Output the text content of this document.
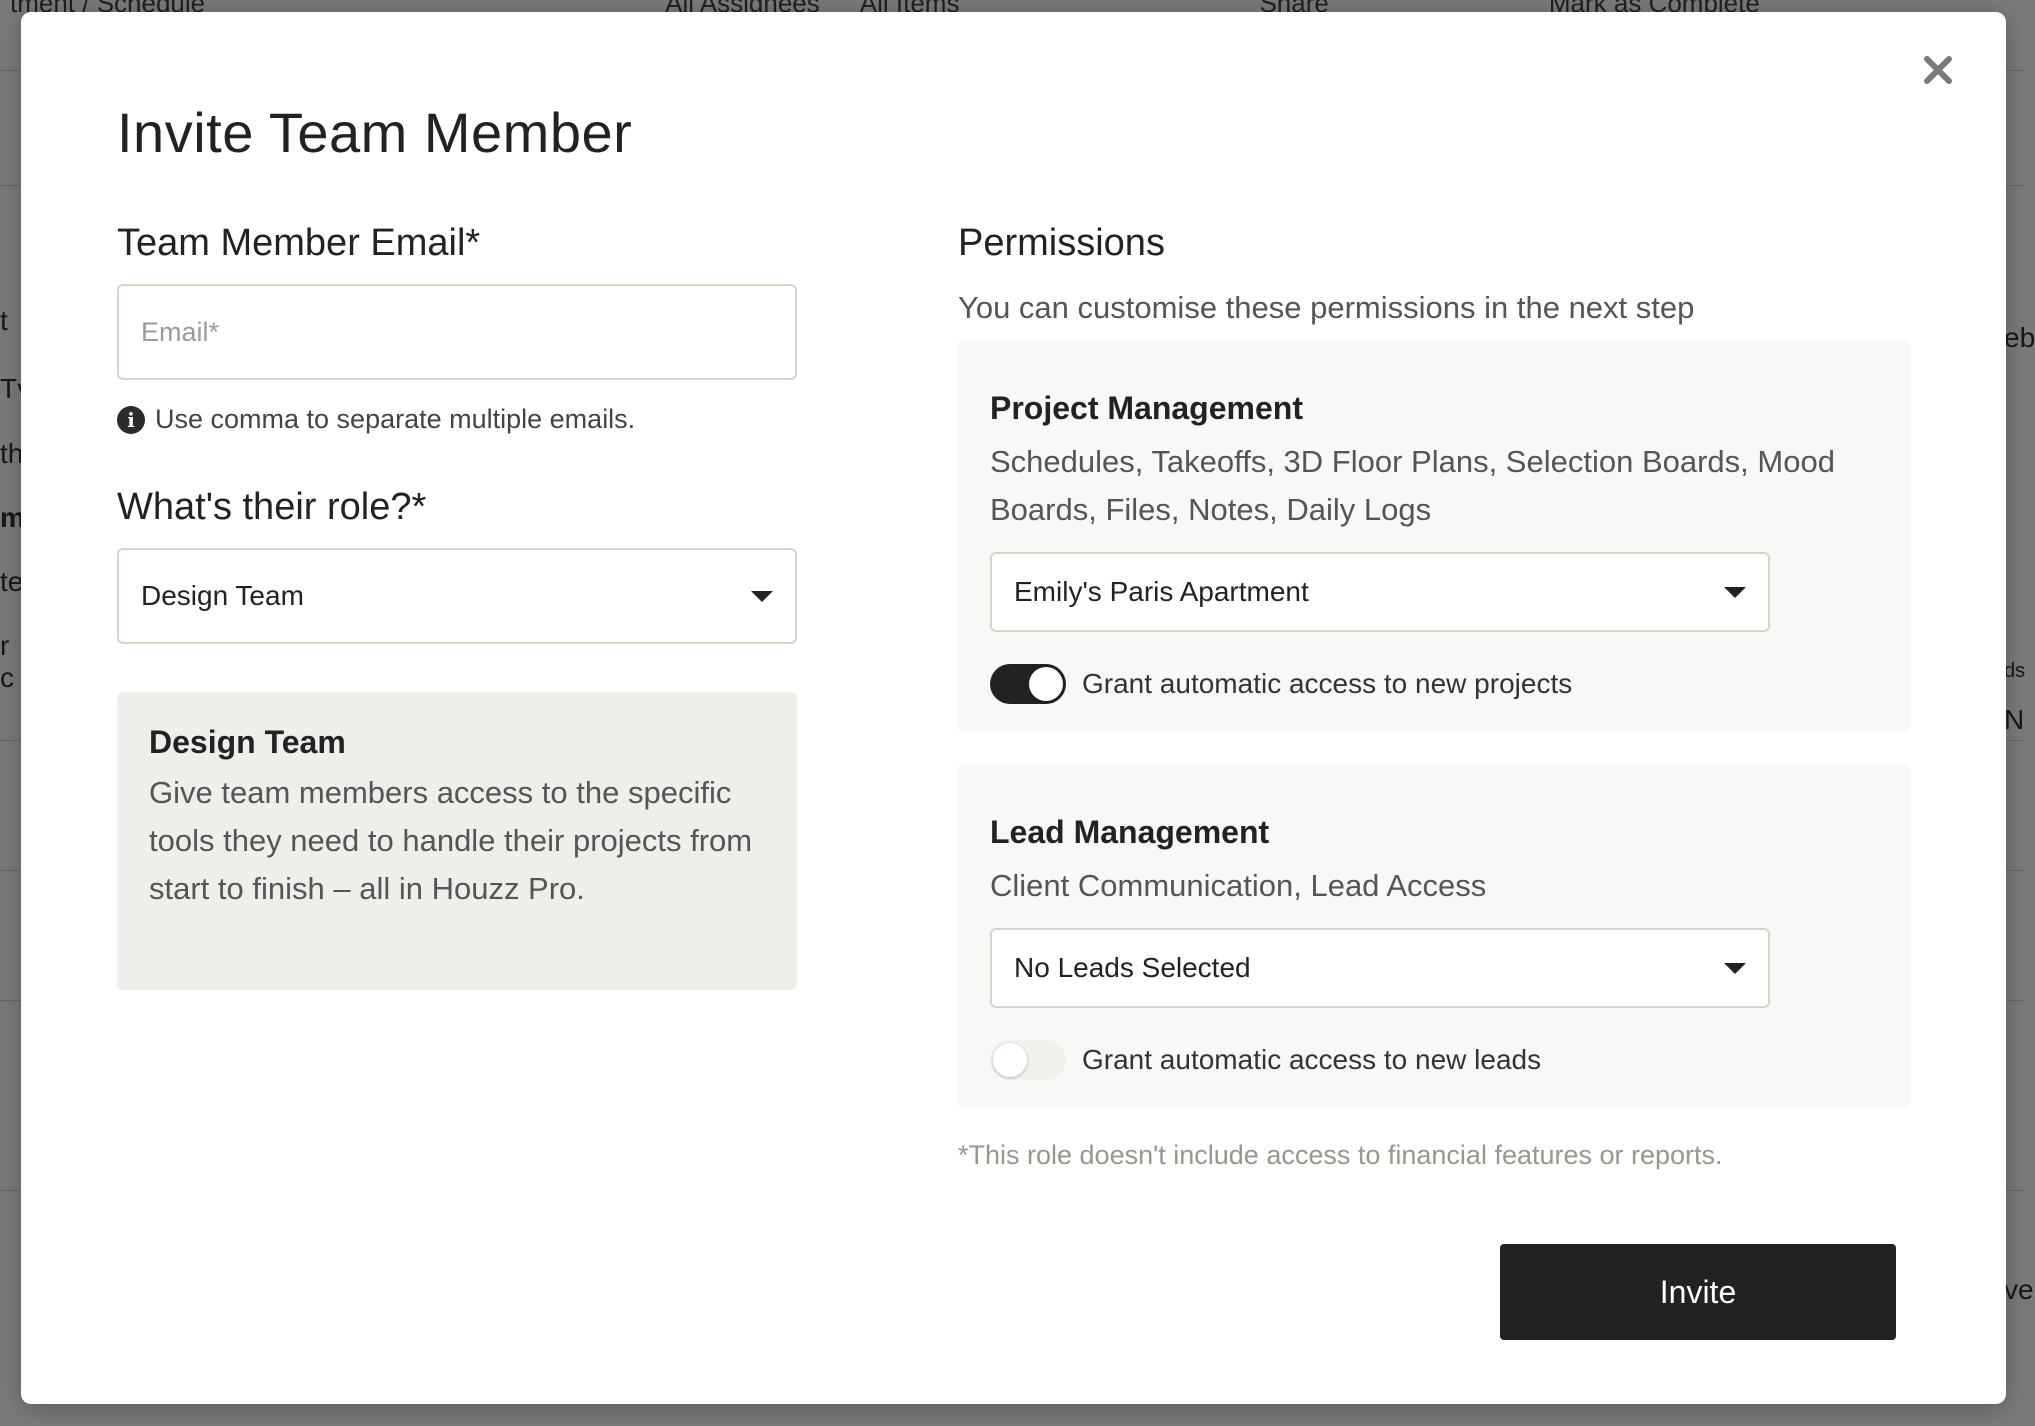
Invite Team Member
Team Member Email*
Email*
i Use comma to separate multiple emails.
What's their role?*
Design Team
Design Team

Give team members access to the specific tools they need to handle their projects from start to finish – all in Houzz Pro.

Permissions
You can customise these permissions in the next step
Project Management

Schedules, Takeoffs, 3D Floor Plans, Selection Boards, Mood Boards, Files, Notes, Daily Logs

Emily's Paris Apartment
Grant automatic access to new projects
Lead Management

Client Communication, Lead Access

No Leads Selected
Grant automatic access to new leads
*This role doesn't include access to financial features or reports.
Invite
